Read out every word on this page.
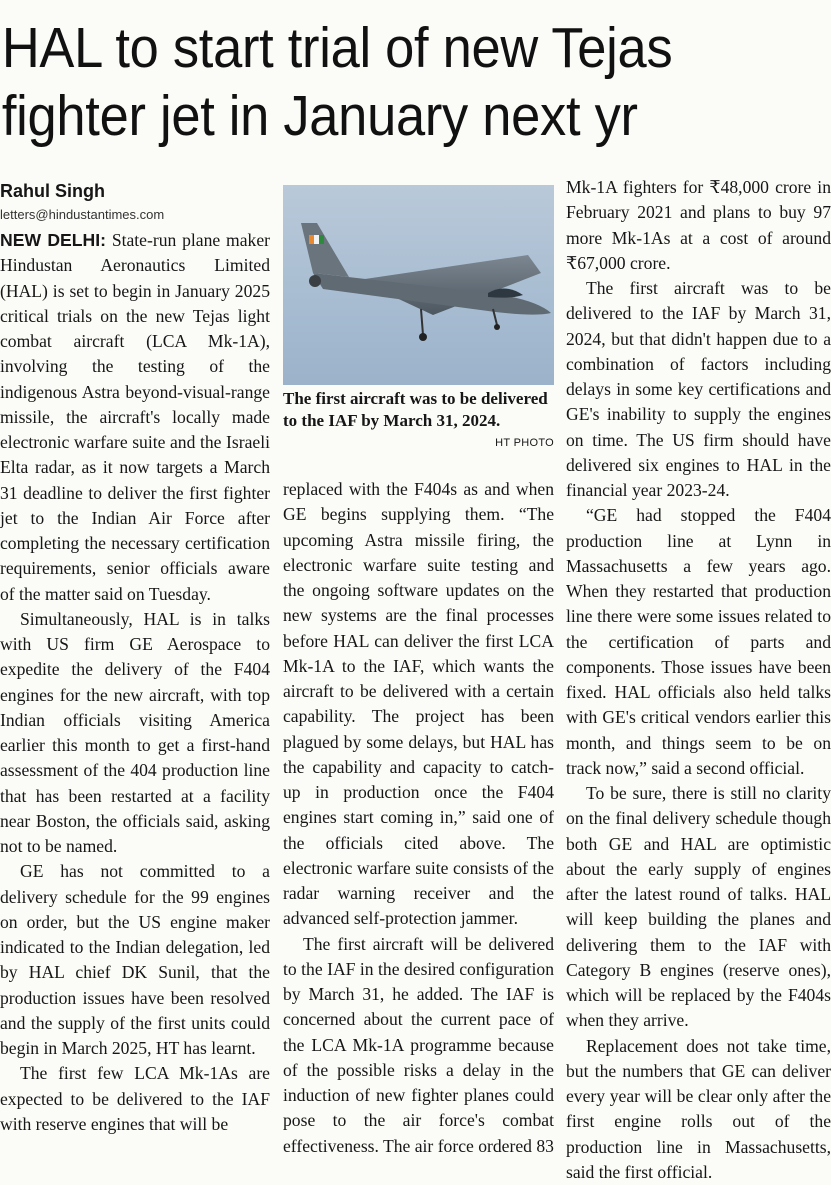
HAL to start trial of new Tejas
fighter jet in January next yr
Rahul Singh
letters@hindustantimes.com

NEW DELHI: State-run plane maker Hindustan Aeronautics Limited (HAL) is set to begin in January 2025 critical trials on the new Tejas light combat aircraft (LCA Mk-1A), involving the testing of the indigenous Astra beyond-visual-range missile, the aircraft's locally made electronic warfare suite and the Israeli Elta radar, as it now targets a March 31 deadline to deliver the first fighter jet to the Indian Air Force after completing the necessary certification requirements, senior officials aware of the matter said on Tuesday.

Simultaneously, HAL is in talks with US firm GE Aerospace to expedite the delivery of the F404 engines for the new aircraft, with top Indian officials visiting America earlier this month to get a first-hand assessment of the 404 production line that has been restarted at a facility near Boston, the officials said, asking not to be named.

GE has not committed to a delivery schedule for the 99 engines on order, but the US engine maker indicated to the Indian delegation, led by HAL chief DK Sunil, that the production issues have been resolved and the supply of the first units could begin in March 2025, HT has learnt.

The first few LCA Mk-1As are expected to be delivered to the IAF with reserve engines that will be

The first aircraft was to be delivered to the IAF by March 31, 2024.
HT PHOTO

replaced with the F404s as and when GE begins supplying them. “The upcoming Astra missile firing, the electronic warfare suite testing and the ongoing software updates on the new systems are the final processes before HAL can deliver the first LCA Mk-1A to the IAF, which wants the aircraft to be delivered with a certain capability. The project has been plagued by some delays, but HAL has the capability and capacity to catch-up in production once the F404 engines start coming in,” said one of the officials cited above. The electronic warfare suite consists of the radar warning receiver and the advanced self-protection jammer.

The first aircraft will be delivered to the IAF in the desired configuration by March 31, he added. The IAF is concerned about the current pace of the LCA Mk-1A programme because of the possible risks a delay in the induction of new fighter planes could pose to the air force's combat effectiveness. The air force ordered 83

Mk-1A fighters for ₹48,000 crore in February 2021 and plans to buy 97 more Mk-1As at a cost of around ₹67,000 crore.

The first aircraft was to be delivered to the IAF by March 31, 2024, but that didn't happen due to a combination of factors including delays in some key certifications and GE's inability to supply the engines on time. The US firm should have delivered six engines to HAL in the financial year 2023-24.

“GE had stopped the F404 production line at Lynn in Massachusetts a few years ago. When they restarted that production line there were some issues related to the certification of parts and components. Those issues have been fixed. HAL officials also held talks with GE's critical vendors earlier this month, and things seem to be on track now,” said a second official.

To be sure, there is still no clarity on the final delivery schedule though both GE and HAL are optimistic about the early supply of engines after the latest round of talks. HAL will keep building the planes and delivering them to the IAF with Category B engines (reserve ones), which will be replaced by the F404s when they arrive.

Replacement does not take time, but the numbers that GE can deliver every year will be clear only after the first engine rolls out of the production line in Massachusetts, said the first official.
